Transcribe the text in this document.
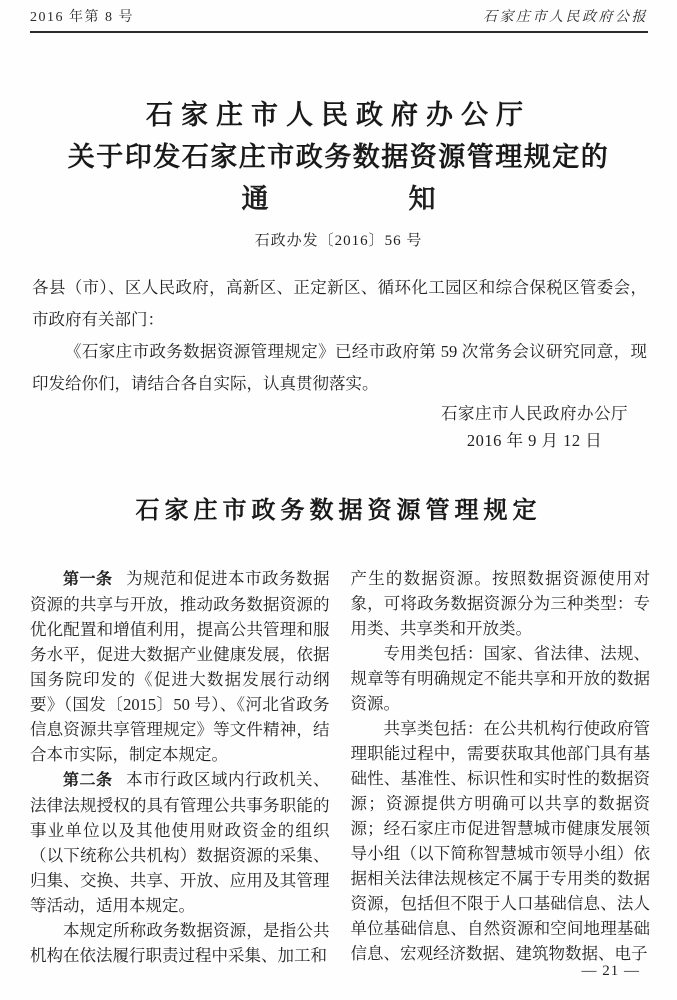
2016 年第 8 号	石家庄市人民政府公报
石家庄市人民政府办公厅
关于印发石家庄市政务数据资源管理规定的
通	知
石政办发〔2016〕56 号

各县（市）、区人民政府，高新区、正定新区、循环化工园区和综合保税区管委会，市政府有关部门：

《石家庄市政务数据资源管理规定》已经市政府第 59 次常务会议研究同意，现印发给你们，请结合各自实际，认真贯彻落实。

石家庄市人民政府办公厅
2016 年 9 月 12 日
石家庄市政务数据资源管理规定

第一条 为规范和促进本市政务数据资源的共享与开放，推动政务数据资源的优化配置和增值利用，提高公共管理和服务水平，促进大数据产业健康发展，依据国务院印发的《促进大数据发展行动纲要》（国发〔2015〕50 号）、《河北省政务信息资源共享管理规定》等文件精神，结合本市实际，制定本规定。

第二条 本市行政区域内行政机关、法律法规授权的具有管理公共事务职能的事业单位以及其他使用财政资金的组织（以下统称公共机构）数据资源的采集、归集、交换、共享、开放、应用及其管理等活动，适用本规定。

本规定所称政务数据资源，是指公共机构在依法履行职责过程中采集、加工和

产生的数据资源。按照数据资源使用对象，可将政务数据资源分为三种类型：专用类、共享类和开放类。

专用类包括：国家、省法律、法规、规章等有明确规定不能共享和开放的数据资源。

共享类包括：在公共机构行使政府管理职能过程中，需要获取其他部门具有基础性、基准性、标识性和实时性的数据资源；资源提供方明确可以共享的数据资源；经石家庄市促进智慧城市健康发展领导小组（以下简称智慧城市领导小组）依据相关法律法规核定不属于专用类的数据资源，包括但不限于人口基础信息、法人单位基础信息、自然资源和空间地理基础信息、宏观经济数据、建筑物数据、电子

— 21 —
